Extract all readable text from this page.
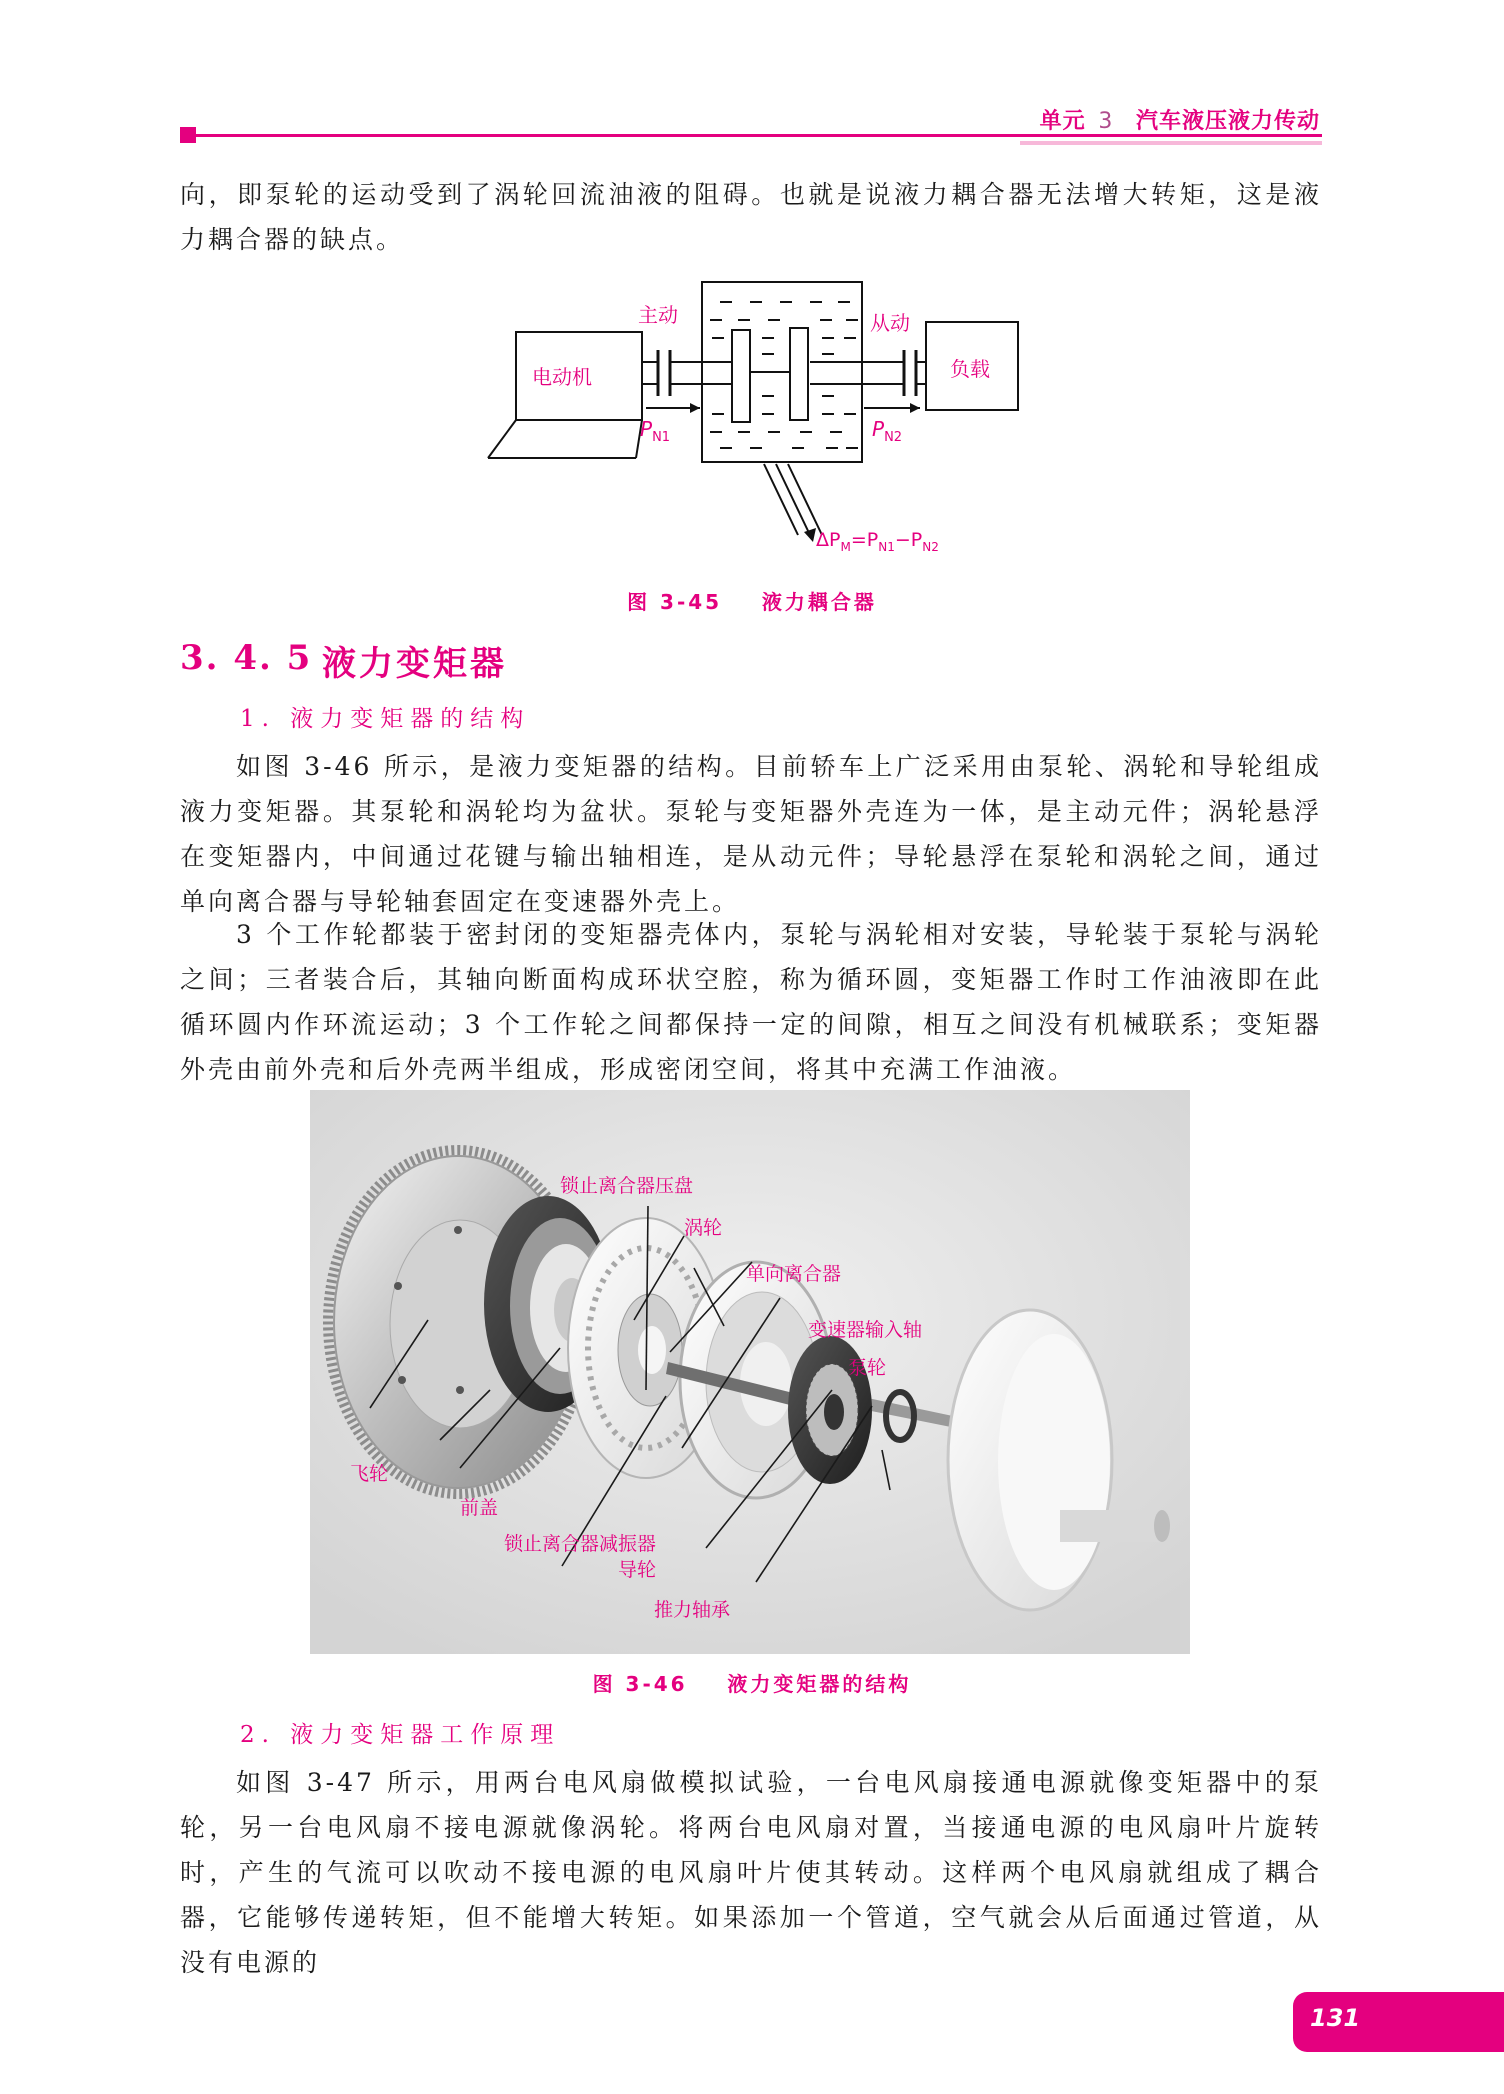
单元 3 汽车液压液力传动
向，即泵轮的运动受到了涡轮回流油液的阻碍。也就是说液力耦合器无法增大转矩，这是液力耦合器的缺点。
电动机	负载
主动	从动
$P_{N1}$	$P_{N2}$
$\Delta P_M=P_{N1}-P_{N2}$
图 3-45    液力耦合器
3. 4. 5 液力变矩器
1. 液力变矩器的结构
如图 3-46 所示，是液力变矩器的结构。目前轿车上广泛采用由泵轮、涡轮和导轮组成液力变矩器。其泵轮和涡轮均为盆状。泵轮与变矩器外壳连为一体，是主动元件；涡轮悬浮在变矩器内，中间通过花键与输出轴相连，是从动元件；导轮悬浮在泵轮和涡轮之间，通过单向离合器与导轮轴套固定在变速器外壳上。
3 个工作轮都装于密封闭的变矩器壳体内，泵轮与涡轮相对安装，导轮装于泵轮与涡轮之间；三者装合后，其轴向断面构成环状空腔，称为循环圆，变矩器工作时工作油液即在此循环圆内作环流运动；3 个工作轮之间都保持一定的间隙，相互之间没有机械联系；变矩器外壳由前外壳和后外壳两半组成，形成密闭空间，将其中充满工作油液。
飞轮
前盖
锁止离合器减振器
锁止离合器压盘
涡轮
单向离合器
变速器输入轴
泵轮
导轮
推力轴承
图 3-46    液力变矩器的结构
2. 液力变矩器工作原理
如图 3-47 所示，用两台电风扇做模拟试验，一台电风扇接通电源就像变矩器中的泵轮，另一台电风扇不接电源就像涡轮。将两台电风扇对置，当接通电源的电风扇叶片旋转时，产生的气流可以吹动不接电源的电风扇叶片使其转动。这样两个电风扇就组成了耦合器，它能够传递转矩，但不能增大转矩。如果添加一个管道，空气就会从后面通过管道，从没有电源的
131
